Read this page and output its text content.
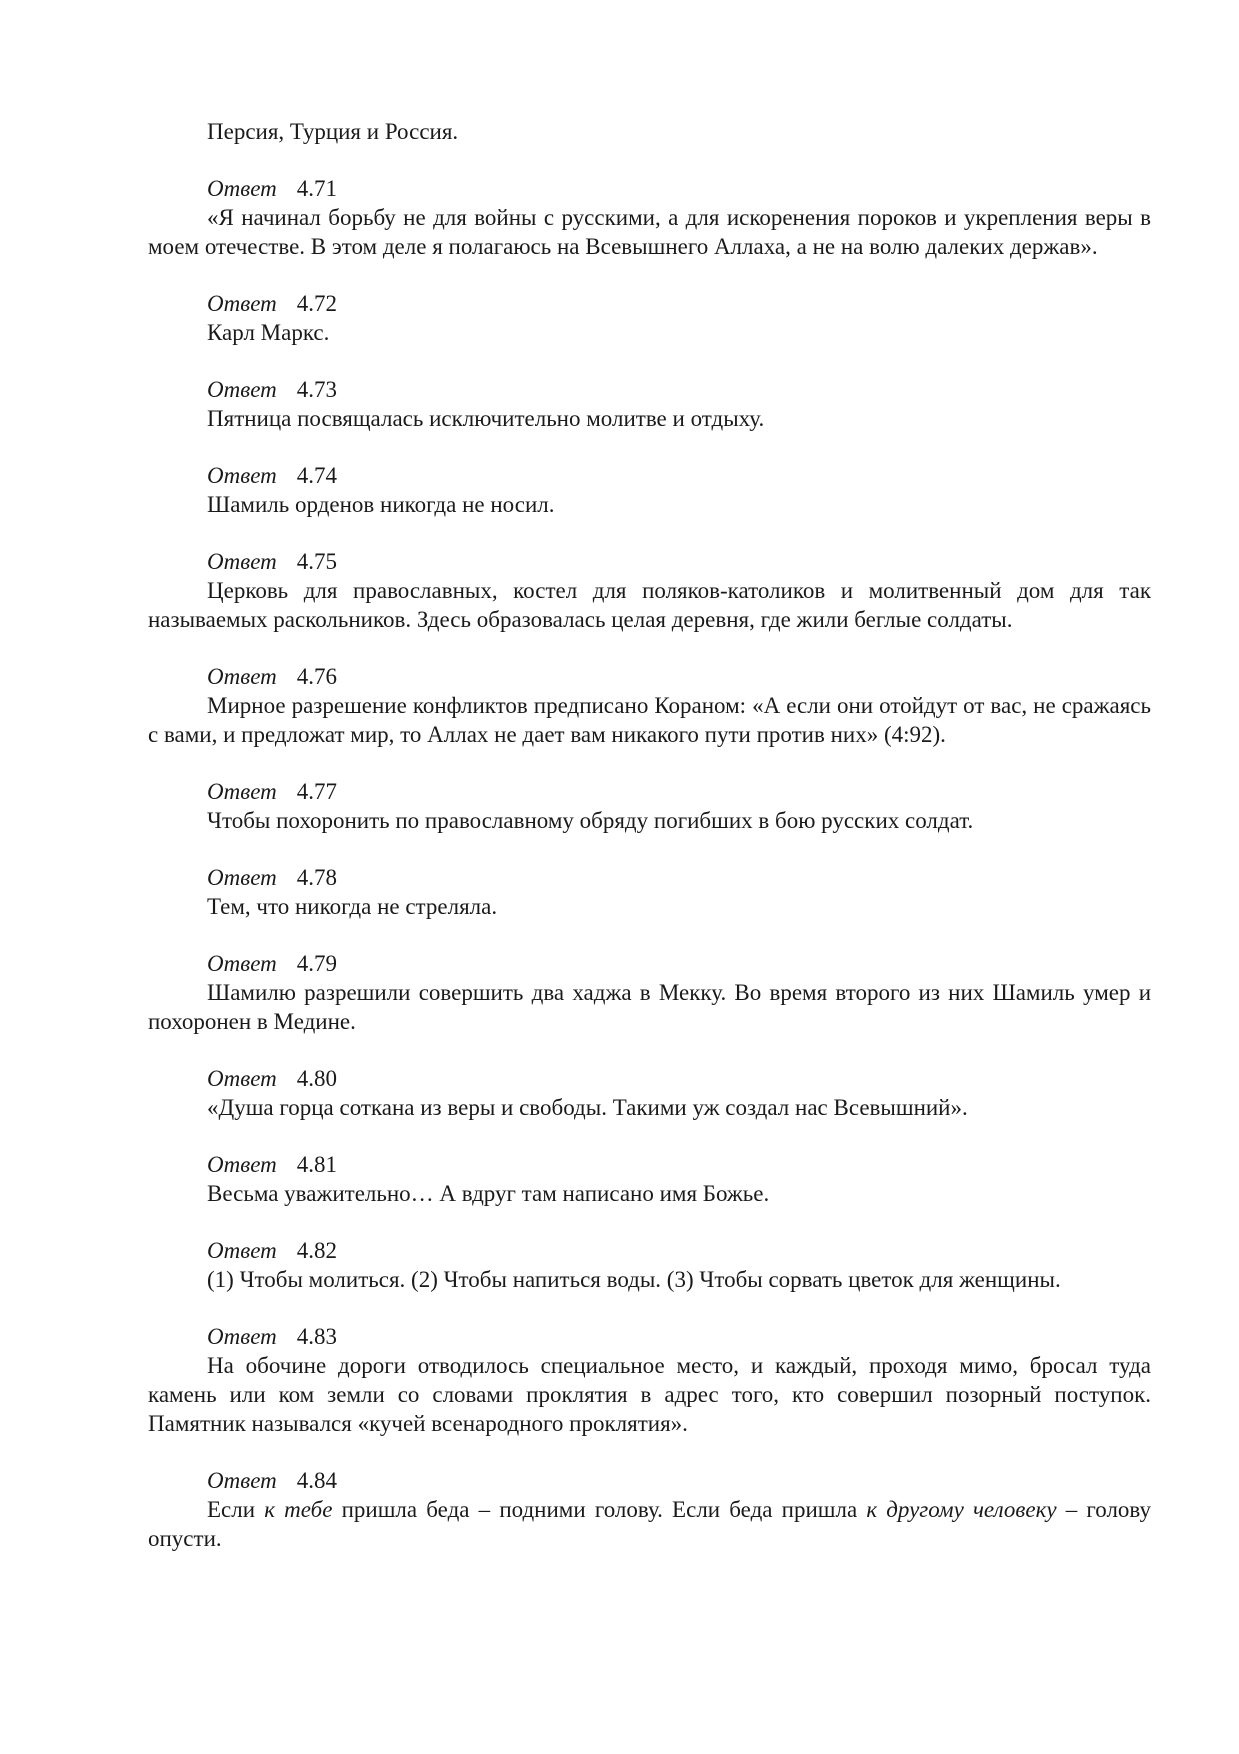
Персия, Турция и Россия.

Ответ 4.71

«Я начинал борьбу не для войны с русскими, а для искоренения пороков и укрепления веры в моем отечестве. В этом деле я полагаюсь на Всевышнего Аллаха, а не на волю далеких держав».

Ответ 4.72

Карл Маркс.

Ответ 4.73

Пятница посвящалась исключительно молитве и отдыху.

Ответ 4.74

Шамиль орденов никогда не носил.

Ответ 4.75

Церковь для православных, костел для поляков-католиков и молитвенный дом для так называемых раскольников. Здесь образовалась целая деревня, где жили беглые солдаты.

Ответ 4.76

Мирное разрешение конфликтов предписано Кораном: «А если они отойдут от вас, не сражаясь с вами, и предложат мир, то Аллах не дает вам никакого пути против них» (4:92).

Ответ 4.77

Чтобы похоронить по православному обряду погибших в бою русских солдат.

Ответ 4.78

Тем, что никогда не стреляла.

Ответ 4.79

Шамилю разрешили совершить два хаджа в Мекку. Во время второго из них Шамиль умер и похоронен в Медине.

Ответ 4.80

«Душа горца соткана из веры и свободы. Такими уж создал нас Всевышний».

Ответ 4.81

Весьма уважительно… А вдруг там написано имя Божье.

Ответ 4.82

(1) Чтобы молиться. (2) Чтобы напиться воды. (3) Чтобы сорвать цветок для женщины.

Ответ 4.83

На обочине дороги отводилось специальное место, и каждый, проходя мимо, бросал туда камень или ком земли со словами проклятия в адрес того, кто совершил позорный поступок. Памятник назывался «кучей всенародного проклятия».

Ответ 4.84

Если к тебе пришла беда – подними голову. Если беда пришла к другому человеку – голову опусти.
